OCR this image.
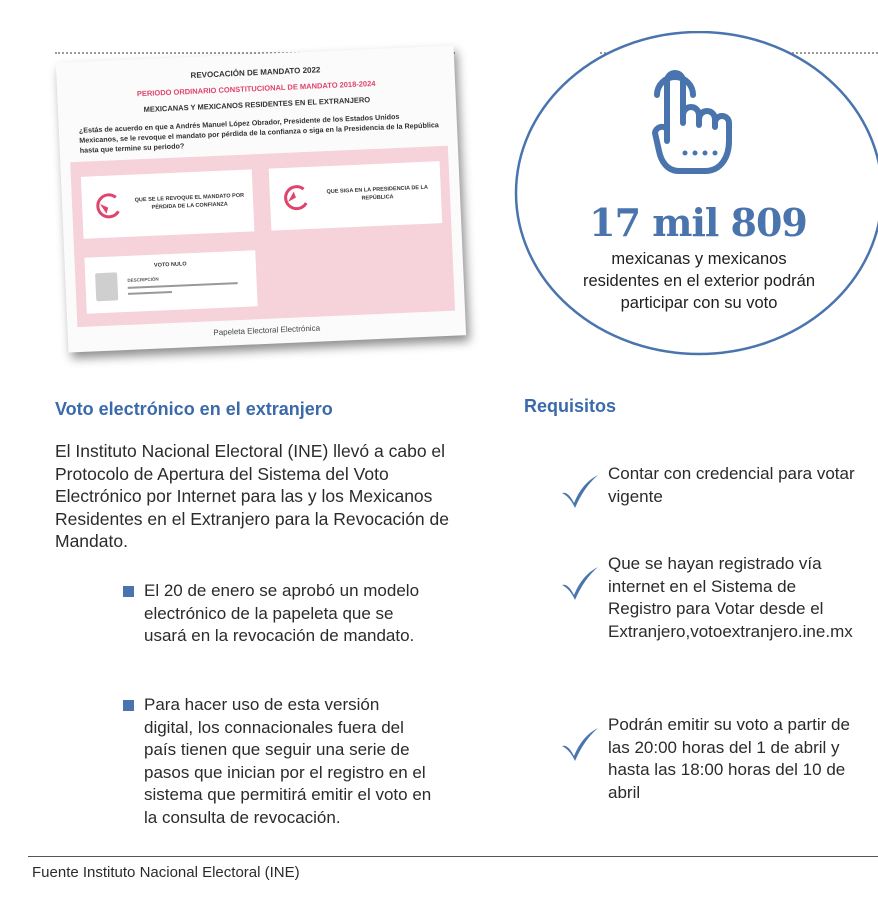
REVOCACIÓN DE MANDATO 2022
PERIODO ORDINARIO CONSTITUCIONAL DE MANDATO 2018-2024
MEXICANAS Y MEXICANOS RESIDENTES EN EL EXTRANJERO
¿Estás de acuerdo en que a Andrés Manuel López Obrador, Presidente de los Estados Unidos Mexicanos, se le revoque el mandato por pérdida de la confianza o siga en la Presidencia de la República hasta que termine su periodo?
QUE SE LE REVOQUE EL MANDATO POR PÉRDIDA DE LA CONFIANZA
QUE SIGA EN LA PRESIDENCIA DE LA REPÚBLICA
VOTO NULO
DESCRIPCIÓN
Papeleta Electoral Electrónica
17 mil 809
mexicanas y mexicanos residentes en el exterior podrán participar con su voto
Voto electrónico en el extranjero
El Instituto Nacional Electoral (INE) llevó a cabo el Protocolo de Apertura del Sistema del Voto Electrónico por Internet para las y los Mexicanos Residentes en el Extranjero para la Revocación de Mandato.
El 20 de enero se aprobó un modelo electrónico de la papeleta que se usará en la revocación de mandato.
Para hacer uso de esta versión digital, los connacionales fuera del país tienen que seguir una serie de pasos que inician por el registro en el sistema que permitirá emitir el voto en la consulta de revocación.
Requisitos
Contar con credencial para votar vigente
Que se hayan registrado vía internet en el Sistema de Registro para Votar desde el Extranjero,votoextranjero.ine.mx
Podrán emitir su voto a partir de las 20:00 horas del 1 de abril y hasta las 18:00 horas del 10 de abril
Fuente Instituto Nacional Electoral (INE)
